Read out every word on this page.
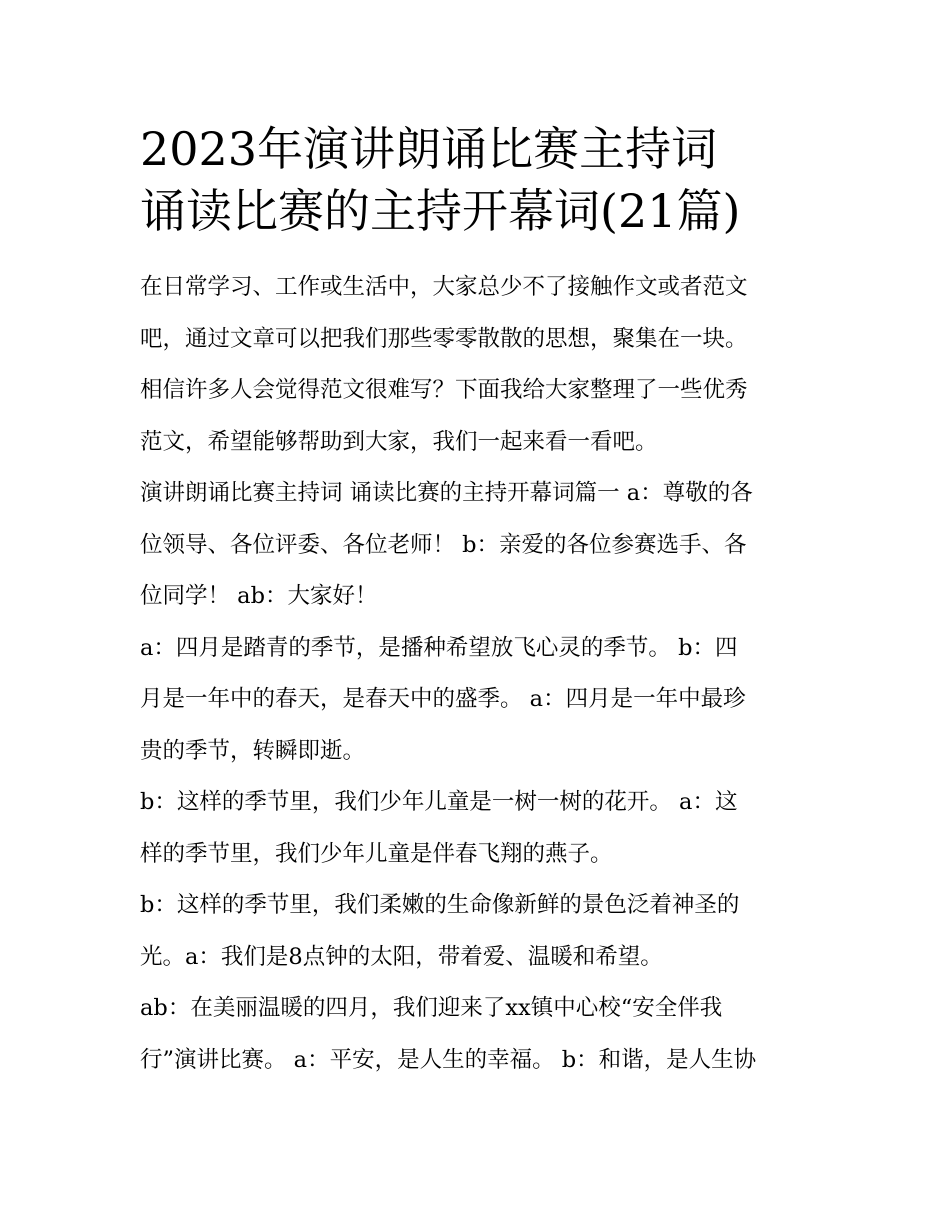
2023年演讲朗诵比赛主持词
诵读比赛的主持开幕词(21篇)

在日常学习、工作或生活中，大家总少不了接触作文或者范文
吧，通过文章可以把我们那些零零散散的思想，聚集在一块。
相信许多人会觉得范文很难写？下面我给大家整理了一些优秀
范文，希望能够帮助到大家，我们一起来看一看吧。

演讲朗诵比赛主持词 诵读比赛的主持开幕词篇一 a：尊敬的各
位领导、各位评委、各位老师！ b：亲爱的各位参赛选手、各
位同学！ ab：大家好！

a：四月是踏青的季节，是播种希望放飞心灵的季节。 b：四
月是一年中的春天，是春天中的盛季。 a：四月是一年中最珍
贵的季节，转瞬即逝。

b：这样的季节里，我们少年儿童是一树一树的花开。 a：这
样的季节里，我们少年儿童是伴春飞翔的燕子。

b：这样的季节里，我们柔嫩的生命像新鲜的景色泛着神圣的
光。a：我们是8点钟的太阳，带着爱、温暖和希望。

ab：在美丽温暖的四月，我们迎来了xx镇中心校“安全伴我
行”演讲比赛。 a：平安，是人生的幸福。 b：和谐，是人生协
